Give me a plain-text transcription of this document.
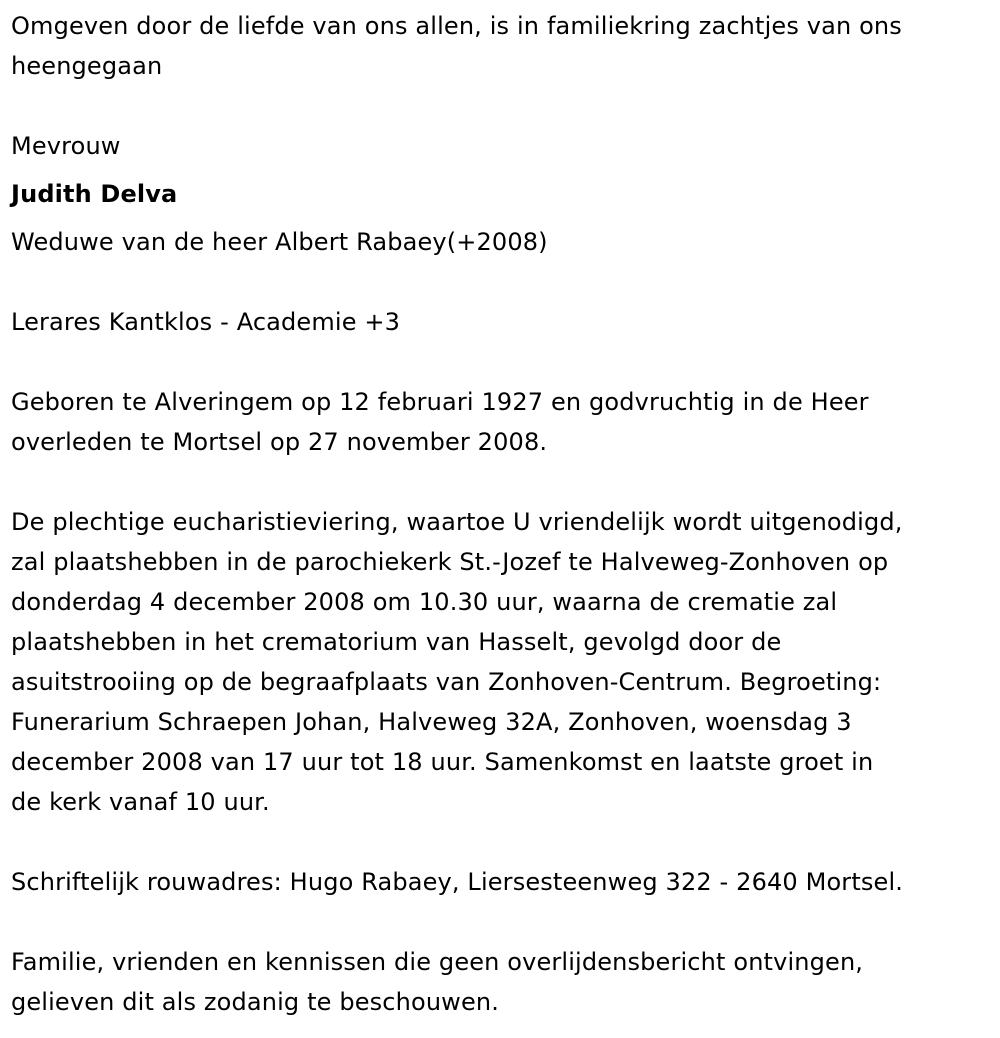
Omgeven door de liefde van ons allen, is in familiekring zachtjes van ons
heengegaan
Mevrouw
Judith Delva
Weduwe van de heer Albert Rabaey(+2008)
Lerares Kantklos - Academie +3
Geboren te Alveringem op 12 februari 1927 en godvruchtig in de Heer
overleden te Mortsel op 27 november 2008.
De plechtige eucharistieviering, waartoe U vriendelijk wordt uitgenodigd,
zal plaatshebben in de parochiekerk St.-Jozef te Halveweg-Zonhoven op
donderdag 4 december 2008 om 10.30 uur, waarna de crematie zal
plaatshebben in het crematorium van Hasselt, gevolgd door de
asuitstrooiing op de begraafplaats van Zonhoven-Centrum. Begroeting:
Funerarium Schraepen Johan, Halveweg 32A, Zonhoven, woensdag 3
december 2008 van 17 uur tot 18 uur. Samenkomst en laatste groet in
de kerk vanaf 10 uur.
Schriftelijk rouwadres: Hugo Rabaey, Liersesteenweg 322 - 2640 Mortsel.
Familie, vrienden en kennissen die geen overlijdensbericht ontvingen,
gelieven dit als zodanig te beschouwen.
